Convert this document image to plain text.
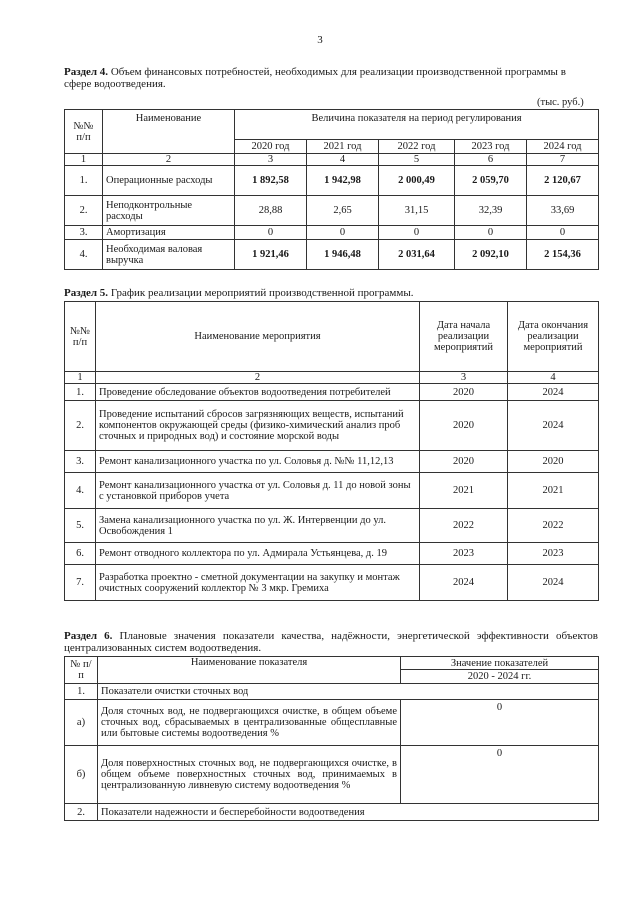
3
Раздел 4. Объем финансовых потребностей, необходимых для реализации производственной программы в сфере водоотведения.
(тыс. руб.)
№№ п/п	Наименование	Величина показателя на период регулирования				
		2020 год	2021 год	2022 год	2023 год	2024 год
1	2	3	4	5	6	7
1.	Операционные расходы	1 892,58	1 942,98	2 000,49	2 059,70	2 120,67
2.	Неподконтрольные расходы	28,88	2,65	31,15	32,39	33,69
3.	Амортизация	0	0	0	0	0
4.	Необходимая валовая выручка	1 921,46	1 946,48	2 031,64	2 092,10	2 154,36
Раздел 5. График реализации мероприятий производственной программы.
№№ п/п	Наименование мероприятия	Дата начала реализации мероприятий	Дата окончания реализации мероприятий
1	2	3	4
1.	Проведение обследование объектов водоотведения потребителей	2020	2024
2.	Проведение испытаний сбросов загрязняющих веществ, испытаний компонентов окружающей среды (физико-химический анализ проб сточных и природных вод) и состояние морской воды	2020	2024
3.	Ремонт канализационного участка по ул. Соловья д. №№ 11,12,13	2020	2020
4.	Ремонт канализационного участка от ул. Соловья д. 11 до новой зоны с установкой приборов учета	2021	2021
5.	Замена канализационного участка по ул. Ж. Интервенции до ул. Освобождения 1	2022	2022
6.	Ремонт отводного коллектора по ул. Адмирала Устьянцева, д. 19	2023	2023
7.	Разработка проектно - сметной документации на закупку и монтаж очистных сооружений коллектор № 3 мкр. Гремиха	2024	2024
Раздел 6. Плановые значения показатели качества, надёжности, энергетической эффективности объектов централизованных систем водоотведения.
№ п/п	Наименование показателя	Значение показателей
		2020 - 2024 гг.
1.	Показатели очистки сточных вод	
а)	Доля сточных вод, не подвергающихся очистке, в общем объеме сточных вод, сбрасываемых в централизованные общесплавные или бытовые системы водоотведения %	0
б)	Доля поверхностных сточных вод, не подвергающихся очистке, в общем объеме поверхностных сточных вод, принимаемых в централизованную ливневую систему водоотведения %	0
2.	Показатели надежности и бесперебойности водоотведения	
